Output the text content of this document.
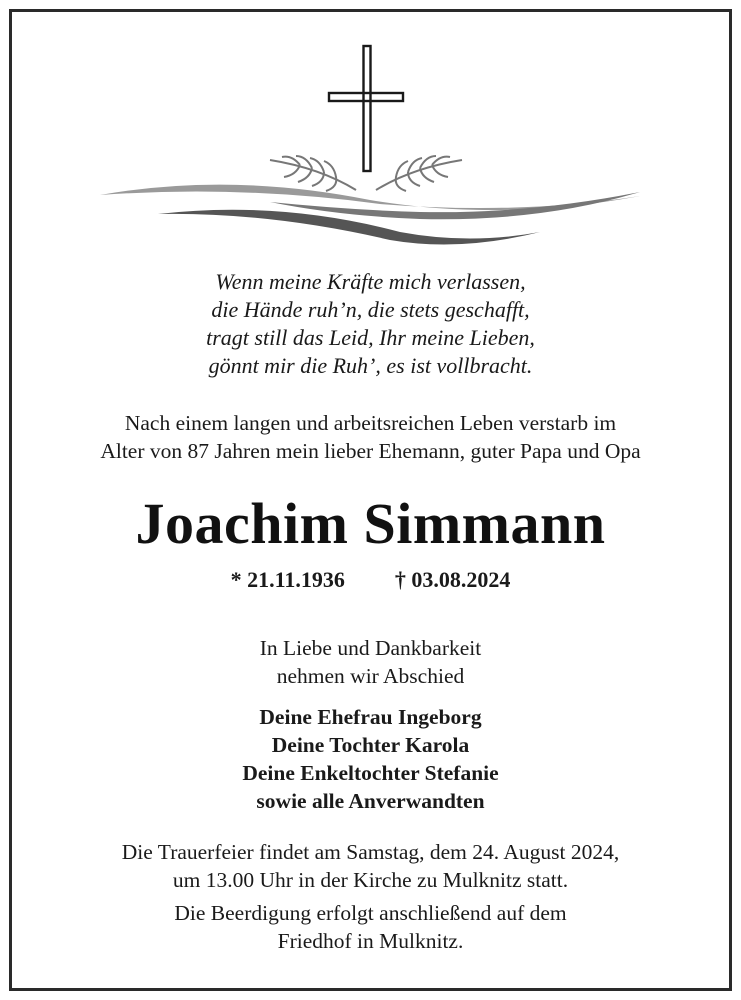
Wenn meine Kräfte mich verlassen,
die Hände ruh’n, die stets geschafft,
tragt still das Leid, Ihr meine Lieben,
gönnt mir die Ruh’, es ist vollbracht.
Nach einem langen und arbeitsreichen Leben verstarb im
Alter von 87 Jahren mein lieber Ehemann, guter Papa und Opa
Joachim Simmann
* 21.11.1936 † 03.08.2024
In Liebe und Dankbarkeit
nehmen wir Abschied
Deine Ehefrau Ingeborg
Deine Tochter Karola
Deine Enkeltochter Stefanie
sowie alle Anverwandten
Die Trauerfeier findet am Samstag, dem 24. August 2024,
um 13.00 Uhr in der Kirche zu Mulknitz statt.
Die Beerdigung erfolgt anschließend auf dem
Friedhof in Mulknitz.
